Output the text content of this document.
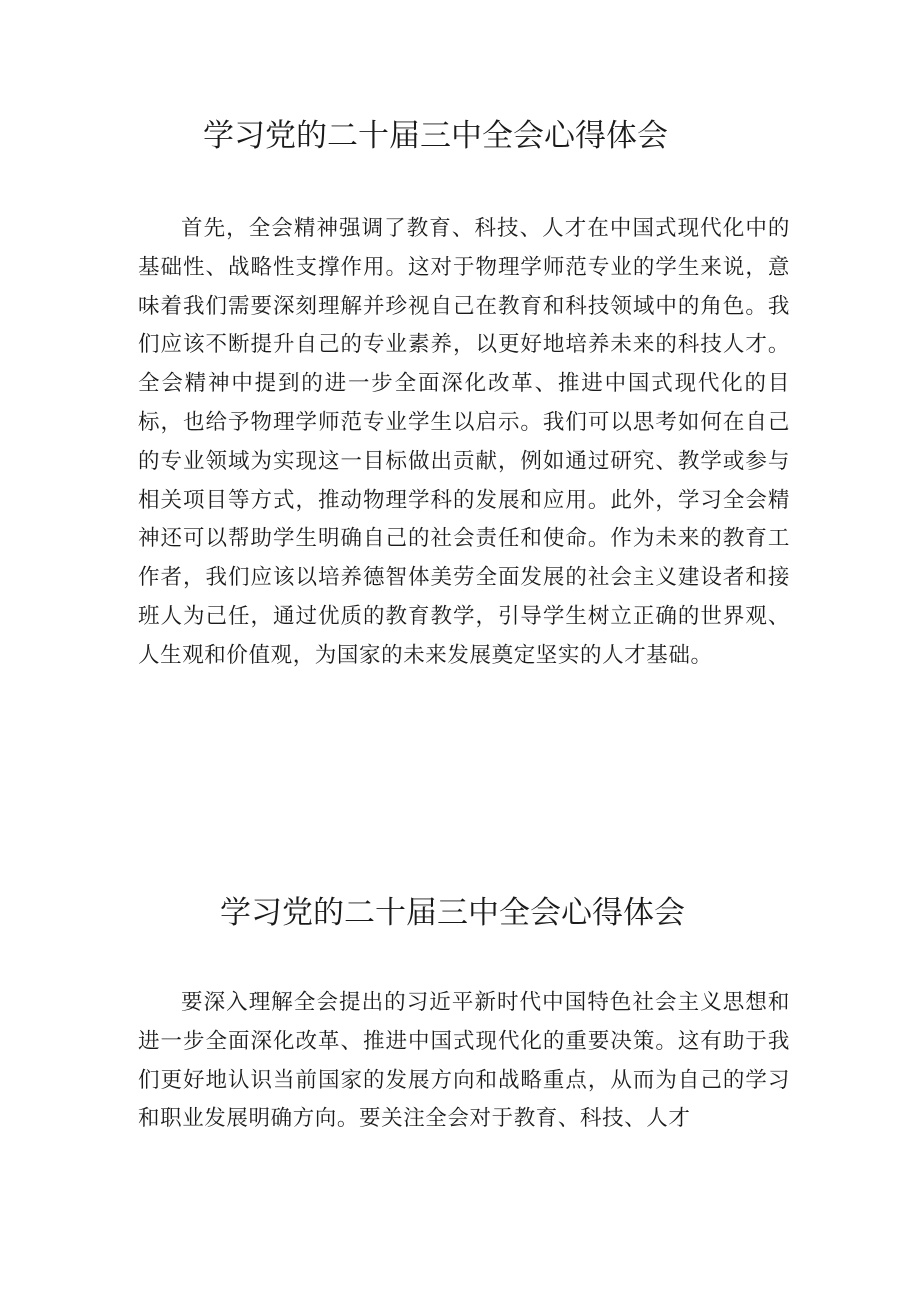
学习党的二十届三中全会心得体会

首先，全会精神强调了教育、科技、人才在中国式现代化中的基础性、战略性支撑作用。这对于物理学师范专业的学生来说，意味着我们需要深刻理解并珍视自己在教育和科技领域中的角色。我们应该不断提升自己的专业素养，以更好地培养未来的科技人才。全会精神中提到的进一步全面深化改革、推进中国式现代化的目标，也给予物理学师范专业学生以启示。我们可以思考如何在自己的专业领域为实现这一目标做出贡献，例如通过研究、教学或参与相关项目等方式，推动物理学科的发展和应用。此外，学习全会精神还可以帮助学生明确自己的社会责任和使命。作为未来的教育工作者，我们应该以培养德智体美劳全面发展的社会主义建设者和接班人为己任，通过优质的教育教学，引导学生树立正确的世界观、人生观和价值观，为国家的未来发展奠定坚实的人才基础。

学习党的二十届三中全会心得体会

要深入理解全会提出的习近平新时代中国特色社会主义思想和进一步全面深化改革、推进中国式现代化的重要决策。这有助于我们更好地认识当前国家的发展方向和战略重点，从而为自己的学习和职业发展明确方向。要关注全会对于教育、科技、人才
